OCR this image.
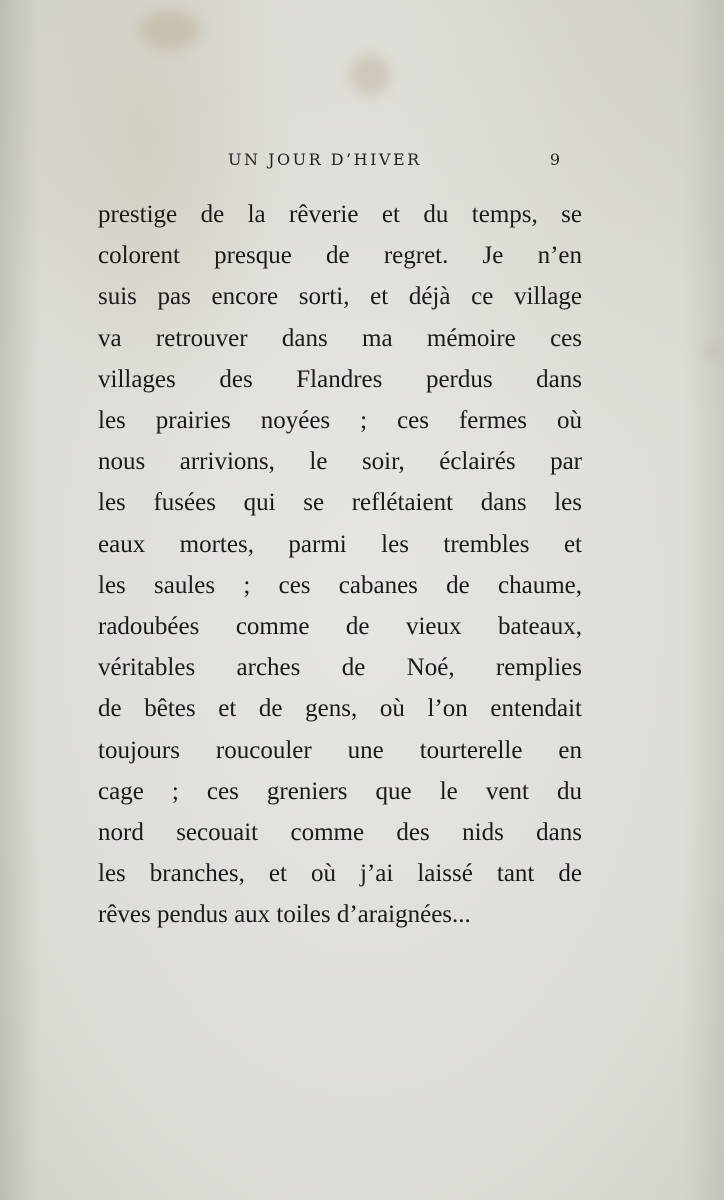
UN JOUR D’HIVER	9
prestige de la rêverie et du temps, se
colorent presque de regret. Je n’en
suis pas encore sorti, et déjà ce village
va retrouver dans ma mémoire ces
villages des Flandres perdus dans
les prairies noyées ; ces fermes où
nous arrivions, le soir, éclairés par
les fusées qui se reflétaient dans les
eaux mortes, parmi les trembles et
les saules ; ces cabanes de chaume,
radoubées comme de vieux bateaux,
véritables arches de Noé, remplies
de bêtes et de gens, où l’on entendait
toujours roucouler une tourterelle en
cage ; ces greniers que le vent du
nord secouait comme des nids dans
les branches, et où j’ai laissé tant de
rêves pendus aux toiles d’araignées...
